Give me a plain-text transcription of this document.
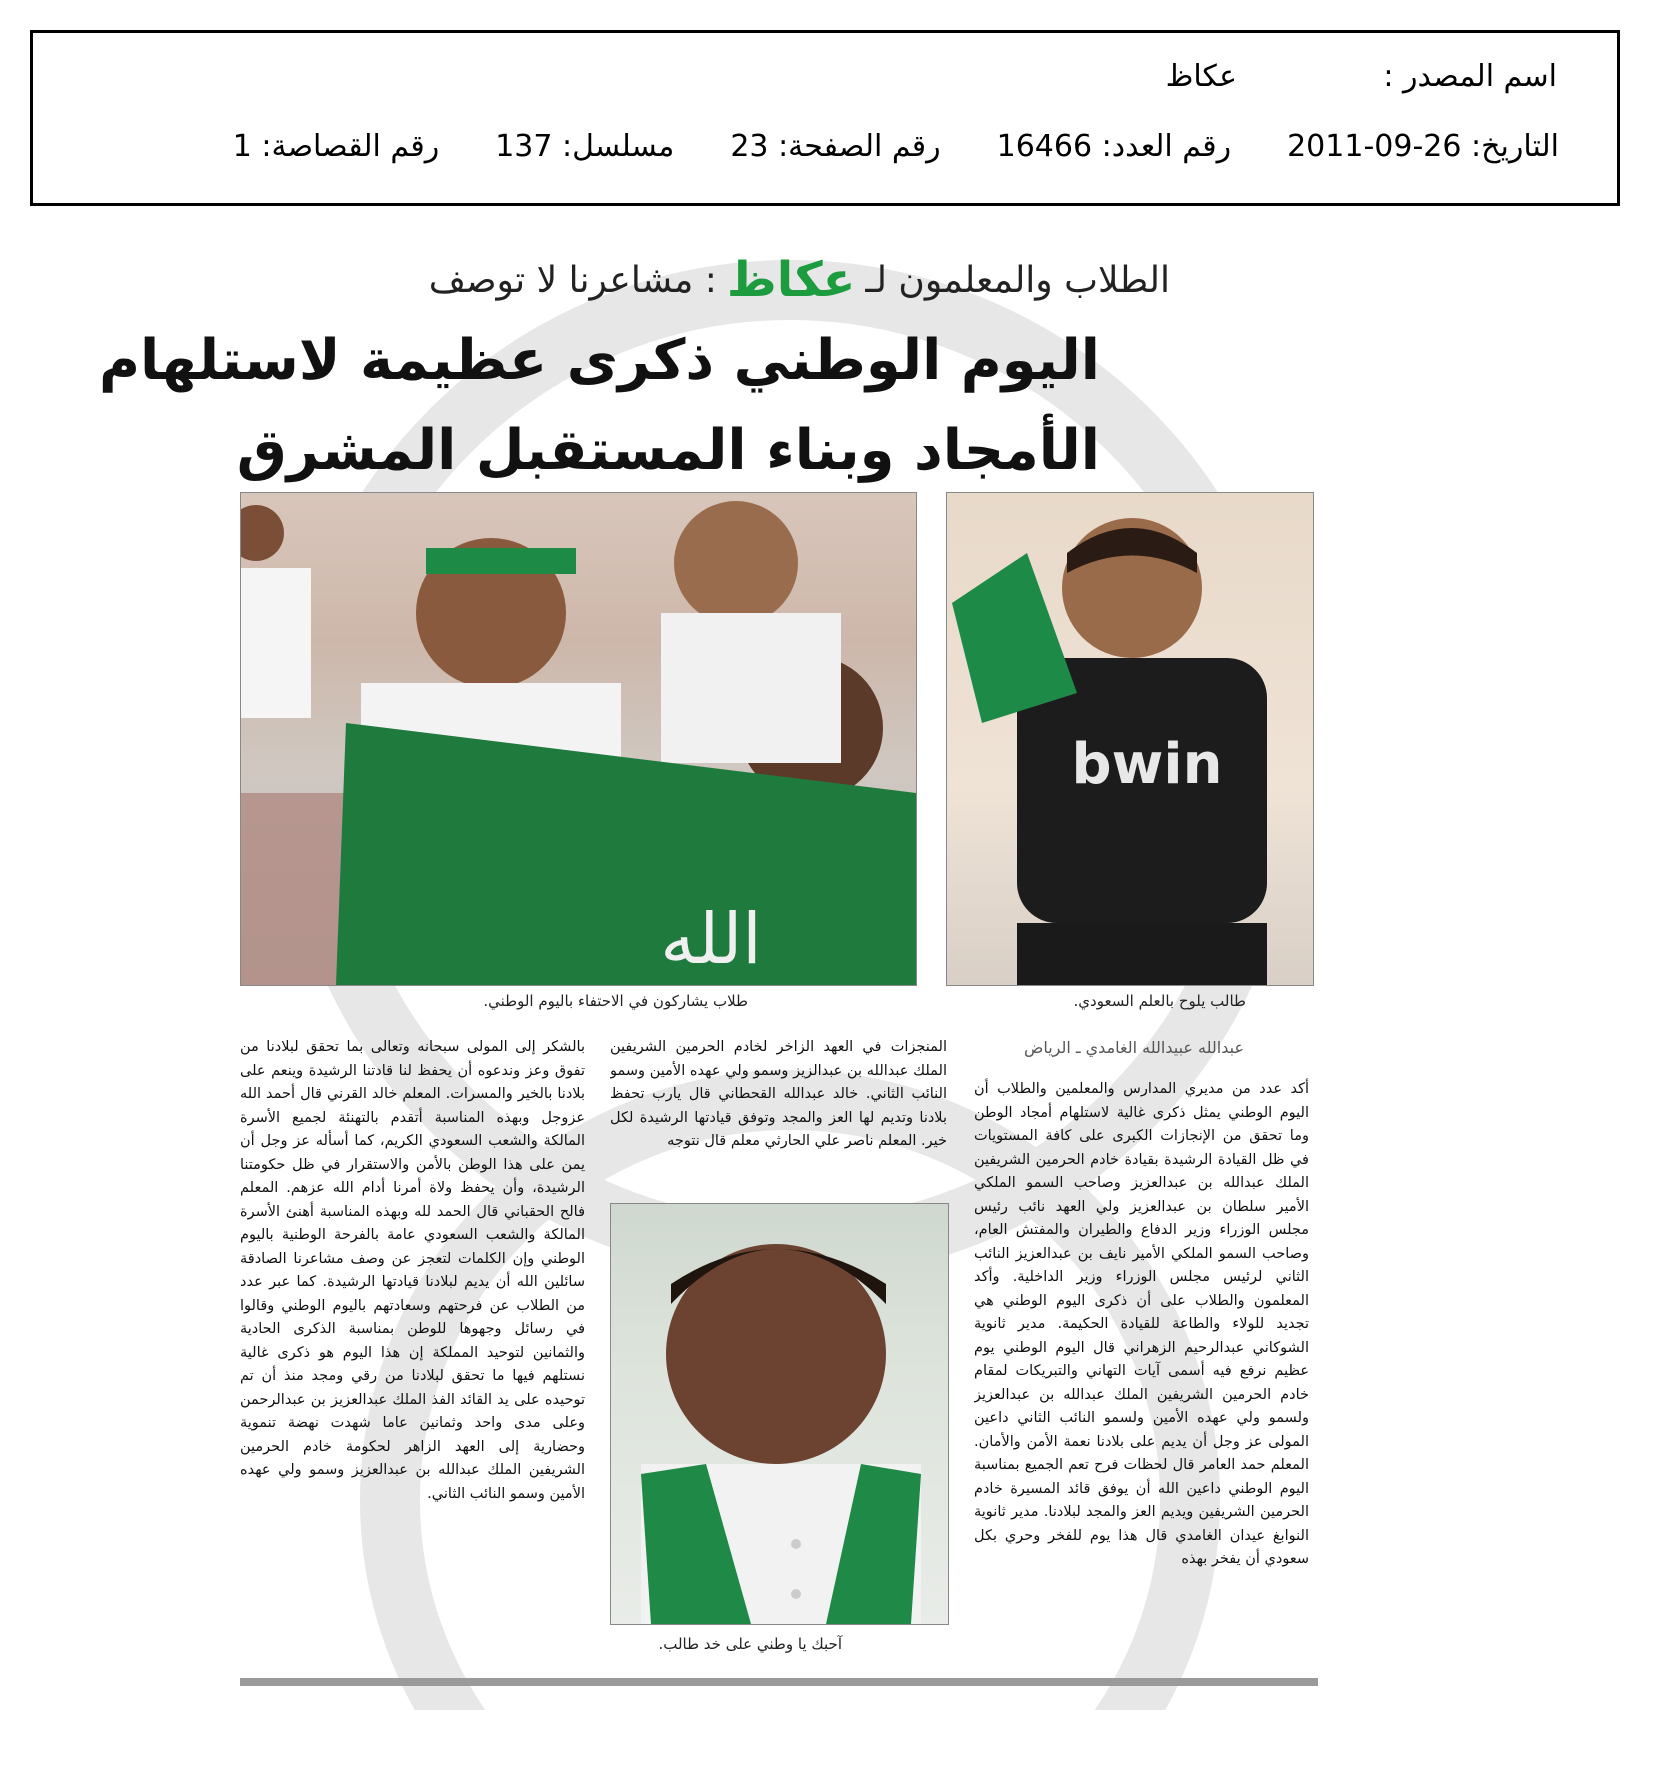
اسم المصدر :
عكاظ
التاريخ: 26-09-2011
رقم العدد: 16466
رقم الصفحة: 23
مسلسل: 137
رقم القصاصة: 1
الطلاب والمعلمون لـ
عكاظ
: مشاعرنا لا توصف
اليوم الوطني ذكرى عظيمة لاستلهام
الأمجاد وبناء المستقبل المشرق
الله
bwin
طلاب يشاركون في الاحتفاء باليوم الوطني.	طالب يلوح بالعلم السعودي.
عبدالله عبيدالله الغامدي ـ الرياض

أكد عدد من مديري المدارس والمعلمين والطلاب أن اليوم الوطني يمثل ذكرى غالية لاستلهام أمجاد الوطن وما تحقق من الإنجازات الكبرى على كافة المستويات في ظل القيادة الرشيدة بقيادة خادم الحرمين الشريفين الملك عبدالله بن عبدالعزيز وصاحب السمو الملكي الأمير سلطان بن عبدالعزيز ولي العهد نائب رئيس مجلس الوزراء وزير الدفاع والطيران والمفتش العام، وصاحب السمو الملكي الأمير نايف بن عبدالعزيز النائب الثاني لرئيس مجلس الوزراء وزير الداخلية. وأكد المعلمون والطلاب على أن ذكرى اليوم الوطني هي تجديد للولاء والطاعة للقيادة الحكيمة. مدير ثانوية الشوكاني عبدالرحيم الزهراني قال اليوم الوطني يوم عظيم نرفع فيه أسمى آيات التهاني والتبريكات لمقام خادم الحرمين الشريفين الملك عبدالله بن عبدالعزيز ولسمو ولي عهده الأمين ولسمو النائب الثاني داعين المولى عز وجل أن يديم على بلادنا نعمة الأمن والأمان. المعلم حمد العامر قال لحظات فرح تعم الجميع بمناسبة اليوم الوطني داعين الله أن يوفق قائد المسيرة خادم الحرمين الشريفين ويديم العز والمجد لبلادنا. مدير ثانوية النوابغ عيدان الغامدي قال هذا يوم للفخر وحري بكل سعودي أن يفخر بهذه

المنجزات في العهد الزاخر لخادم الحرمين الشريفين الملك عبدالله بن عبدالزيز وسمو ولي عهده الأمين وسمو النائب الثاني. خالد عبدالله القحطاني قال يارب تحفظ بلادنا وتديم لها العز والمجد وتوفق قيادتها الرشيدة لكل خير. المعلم ناصر علي الحارثي معلم قال نتوجه

آحبك يا وطني على خد طالب.

بالشكر إلى المولى سبحانه وتعالى بما تحقق لبلادنا من تفوق وعز وندعوه أن يحفظ لنا قادتنا الرشيدة وينعم على بلادنا بالخير والمسرات. المعلم خالد القرني قال أحمد الله عزوجل وبهذه المناسبة أتقدم بالتهنئة لجميع الأسرة المالكة والشعب السعودي الكريم، كما أسأله عز وجل أن يمن على هذا الوطن بالأمن والاستقرار في ظل حكومتنا الرشيدة، وأن يحفظ ولاة أمرنا أدام الله عزهم. المعلم فالح الحقباني قال الحمد لله وبهذه المناسبة أهنئ الأسرة المالكة والشعب السعودي عامة بالفرحة الوطنية باليوم الوطني وإن الكلمات لتعجز عن وصف مشاعرنا الصادقة سائلين الله أن يديم لبلادنا قيادتها الرشيدة. كما عبر عدد من الطلاب عن فرحتهم وسعادتهم باليوم الوطني وقالوا في رسائل وجهوها للوطن بمناسبة الذكرى الحادية والثمانين لتوحيد المملكة إن هذا اليوم هو ذكرى غالية نستلهم فيها ما تحقق لبلادنا من رقي ومجد منذ أن تم توحيده على يد القائد الفذ الملك عبدالعزيز بن عبدالرحمن وعلى مدى واحد وثمانين عاما شهدت نهضة تنموية وحضارية إلى العهد الزاهر لحكومة خادم الحرمين الشريفين الملك عبدالله بن عبدالعزيز وسمو ولي عهده الأمين وسمو النائب الثاني.
